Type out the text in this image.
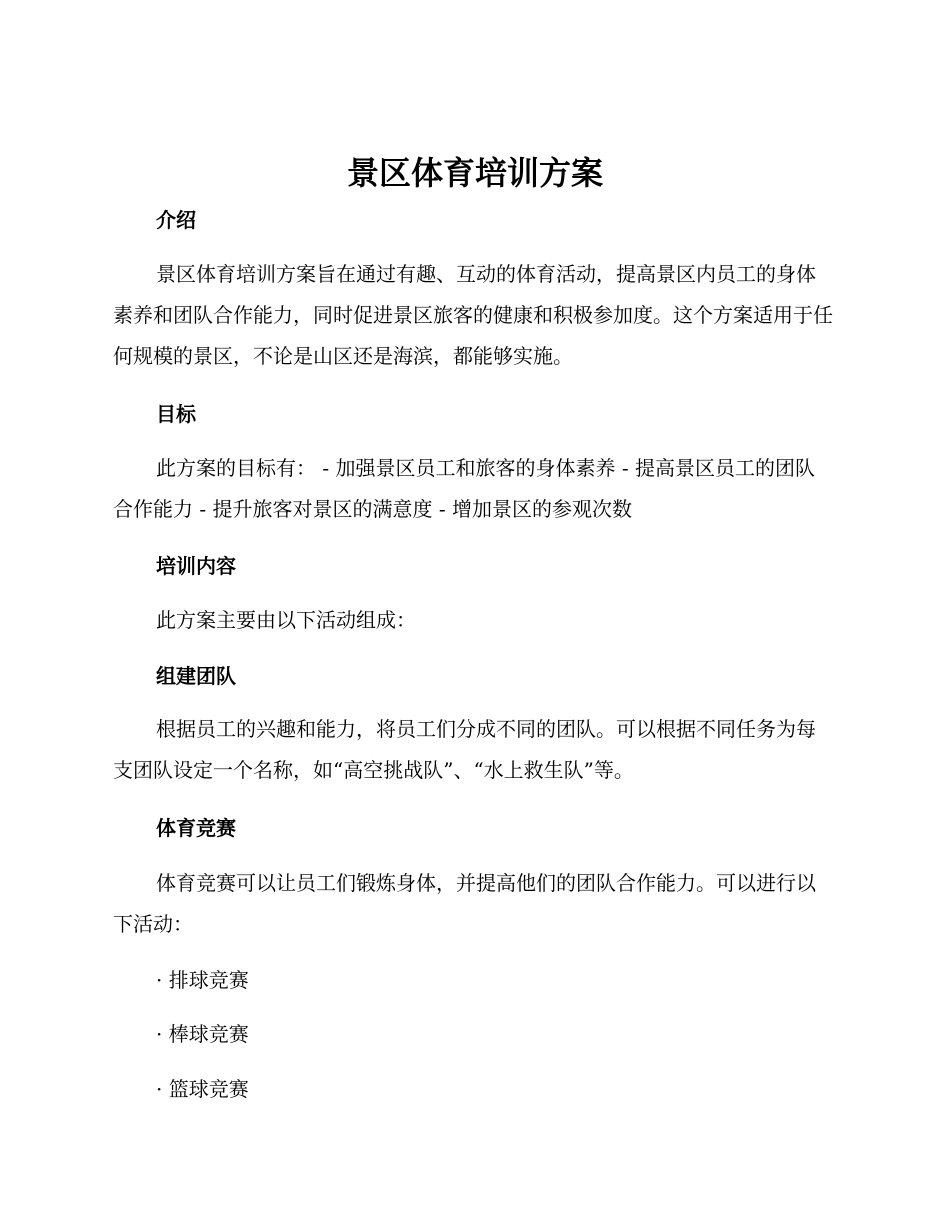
景区体育培训方案
介绍

景区体育培训方案旨在通过有趣、互动的体育活动，提高景区内员工的身体素养和团队合作能力，同时促进景区旅客的健康和积极参加度。这个方案适用于任何规模的景区，不论是山区还是海滨，都能够实施。

目标

此方案的目标有： - 加强景区员工和旅客的身体素养 - 提高景区员工的团队合作能力 - 提升旅客对景区的满意度 - 增加景区的参观次数

培训内容

此方案主要由以下活动组成：

组建团队

根据员工的兴趣和能力，将员工们分成不同的团队。可以根据不同任务为每支团队设定一个名称，如“高空挑战队”、“水上救生队”等。

体育竞赛

体育竞赛可以让员工们锻炼身体，并提高他们的团队合作能力。可以进行以下活动：

· 排球竞赛
· 棒球竞赛
· 篮球竞赛
